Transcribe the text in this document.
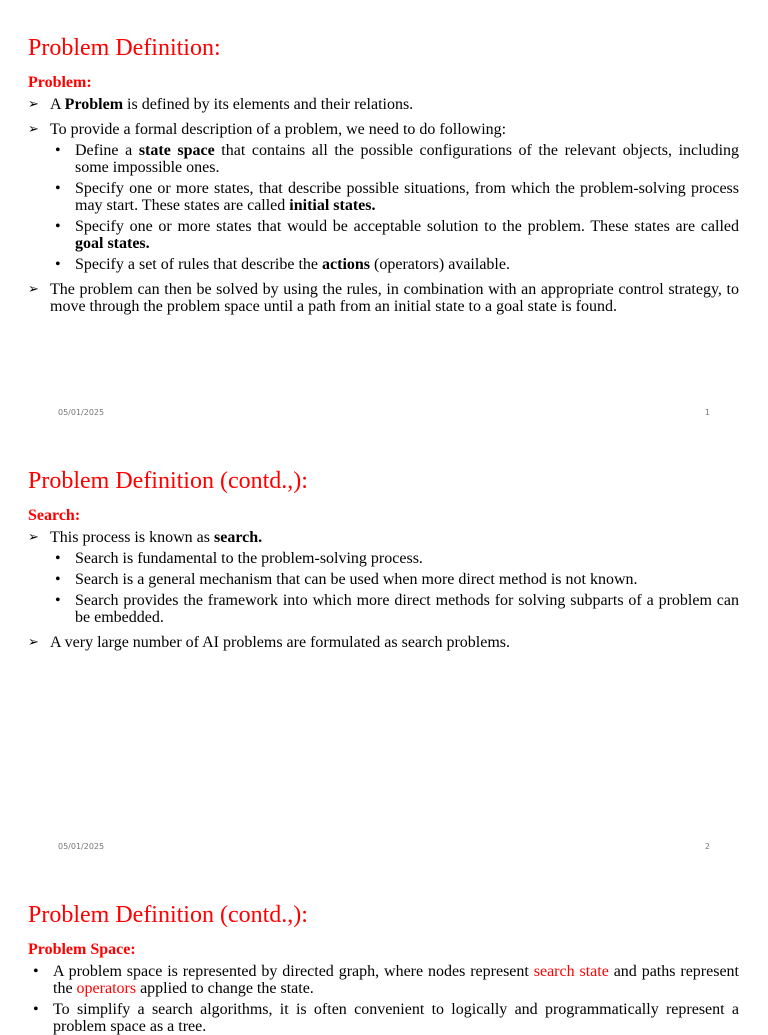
Problem Definition:
Problem:
➢ A Problem is defined by its elements and their relations.
➢ To provide a formal description of a problem, we need to do following:
• Define a state space that contains all the possible configurations of the relevant objects, including some impossible ones.
• Specify one or more states, that describe possible situations, from which the problem-solving process may start. These states are called initial states.
• Specify one or more states that would be acceptable solution to the problem. These states are called goal states.
• Specify a set of rules that describe the actions (operators) available.
➢ The problem can then be solved by using the rules, in combination with an appropriate control strategy, to move through the problem space until a path from an initial state to a goal state is found.
05/01/2025	1
Problem Definition (contd.,):
Search:
➢ This process is known as search.
• Search is fundamental to the problem-solving process.
• Search is a general mechanism that can be used when more direct method is not known.
• Search provides the framework into which more direct methods for solving subparts of a problem can be embedded.
➢ A very large number of AI problems are formulated as search problems.
05/01/2025	2
Problem Definition (contd.,):
Problem Space:
• A problem space is represented by directed graph, where nodes represent search state and paths represent the operators applied to change the state.
• To simplify a search algorithms, it is often convenient to logically and programmatically represent a problem space as a tree.
